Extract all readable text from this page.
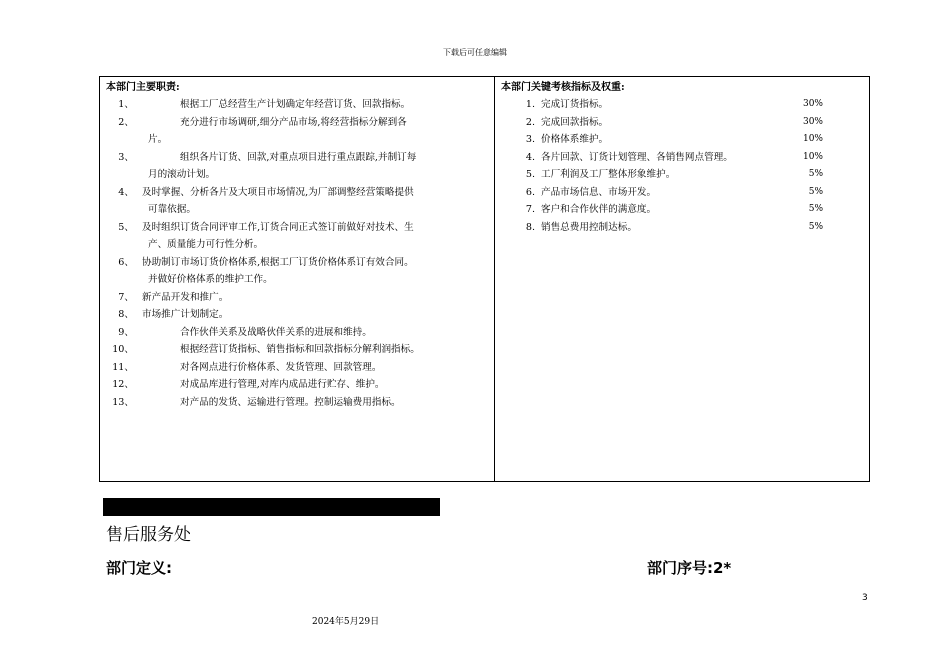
下载后可任意编辑
本部门主要职责:
1、	根据工厂总经营生产计划确定年经营订货、回款指标。
2、	充分进行市场调研,细分产品市场,将经营指标分解到各
片。
3、	组织各片订货、回款,对重点项目进行重点跟踪,并制订每
月的滚动计划。
4、 及时掌握、分析各片及大项目市场情况,为厂部调整经营策略提供
可靠依据。
5、 及时组织订货合同评审工作,订货合同正式签订前做好对技术、生
产、质量能力可行性分析。
6、 协助制订市场订货价格体系,根据工厂订货价格体系订有效合同。
并做好价格体系的维护工作。
7、 新产品开发和推广。
8、 市场推广计划制定。
9、	合作伙伴关系及战略伙伴关系的进展和维持。
10、	根据经营订货指标、销售指标和回款指标分解利润指标。
11、	对各网点进行价格体系、发货管理、回款管理。
12、	对成品库进行管理,对库内成品进行贮存、维护。
13、	对产品的发货、运输进行管理。控制运输费用指标。
本部门关键考核指标及权重:
1. 完成订货指标。	30%
2. 完成回款指标。	30%
3. 价格体系维护。	10%
4. 各片回款、订货计划管理、各销售网点管理。	10%
5. 工厂利润及工厂整体形象维护。	5%
6. 产品市场信息、市场开发。	5%
7. 客户和合作伙伴的满意度。	5%
8. 销售总费用控制达标。	5%
售后服务处
部门定义:	部门序号:2*
3
2024年5月29日
